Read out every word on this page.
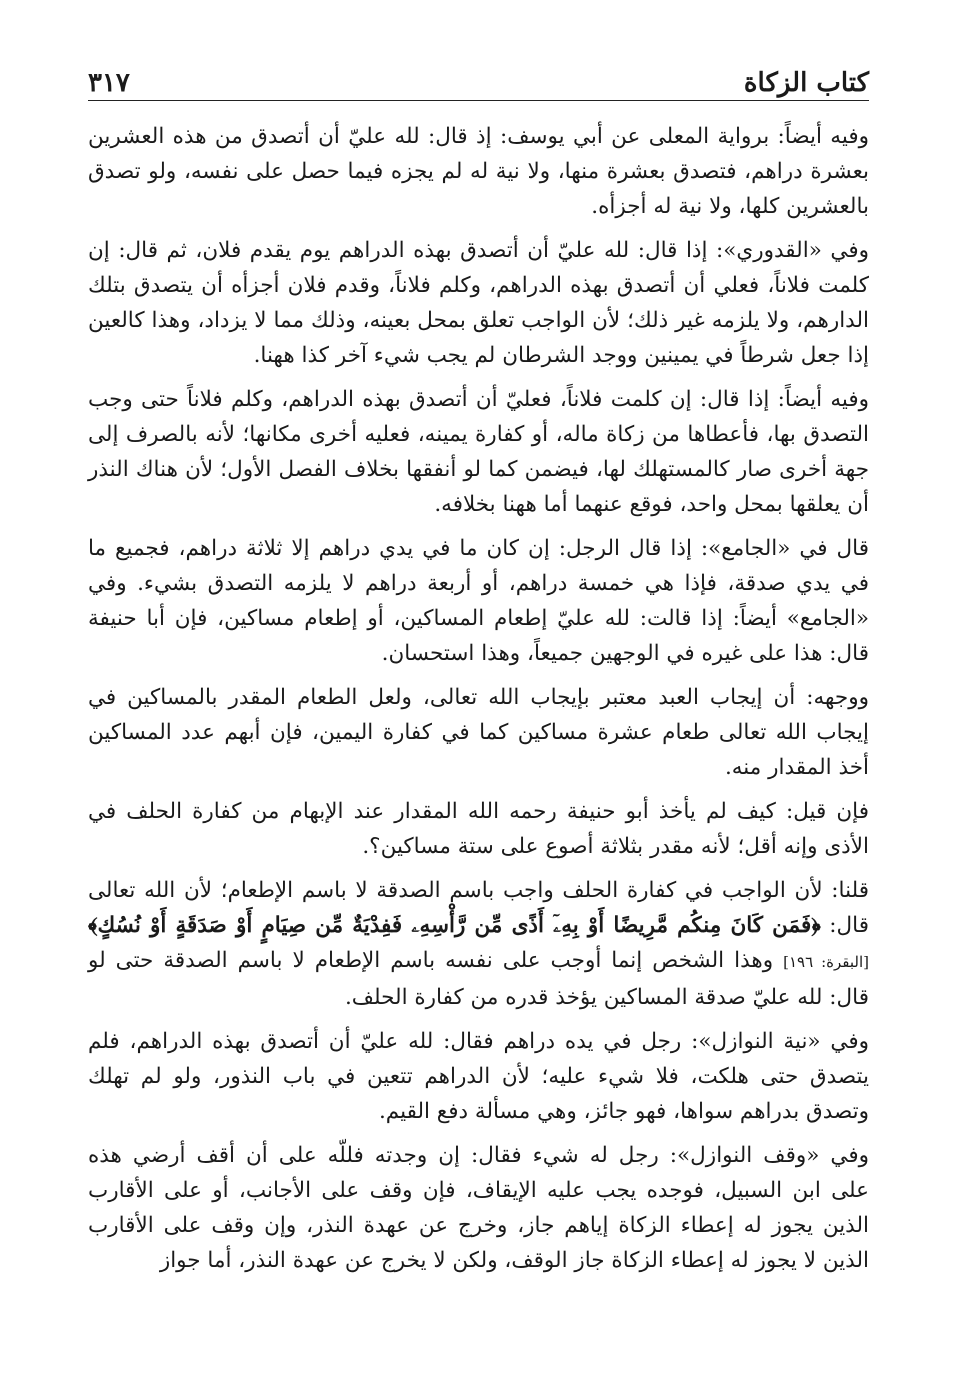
كتاب الزكاة
٣١٧

وفيه أيضاً: برواية المعلى عن أبي يوسف: إذ قال: لله عليّ أن أتصدق من هذه العشرين بعشرة دراهم، فتصدق بعشرة منها، ولا نية له لم يجزه فيما حصل على نفسه، ولو تصدق بالعشرين كلها، ولا نية له أجزأه.

وفي «القدوري»: إذا قال: لله عليّ أن أتصدق بهذه الدراهم يوم يقدم فلان، ثم قال: إن كلمت فلاناً، فعلي أن أتصدق بهذه الدراهم، وكلم فلاناً، وقدم فلان أجزأه أن يتصدق بتلك الدارهم، ولا يلزمه غير ذلك؛ لأن الواجب تعلق بمحل بعينه، وذلك مما لا يزداد، وهذا كالعين إذا جعل شرطاً في يمينين ووجد الشرطان لم يجب شيء آخر كذا ههنا.

وفيه أيضاً: إذا قال: إن كلمت فلاناً، فعليّ أن أتصدق بهذه الدراهم، وكلم فلاناً حتى وجب التصدق بها، فأعطاها من زكاة ماله، أو كفارة يمينه، فعليه أخرى مكانها؛ لأنه بالصرف إلى جهة أخرى صار كالمستهلك لها، فيضمن كما لو أنفقها بخلاف الفصل الأول؛ لأن هناك النذر أن يعلقها بمحل واحد، فوقع عنهما أما ههنا بخلافه.

قال في «الجامع»: إذا قال الرجل: إن كان ما في يدي دراهم إلا ثلاثة دراهم، فجميع ما في يدي صدقة، فإذا هي خمسة دراهم، أو أربعة دراهم لا يلزمه التصدق بشيء. وفي «الجامع» أيضاً: إذا قالت: لله عليّ إطعام المساكين، أو إطعام مساكين، فإن أبا حنيفة قال: هذا على غيره في الوجهين جميعاً، وهذا استحسان.

ووجهه: أن إيجاب العبد معتبر بإيجاب الله تعالى، ولعل الطعام المقدر بالمساكين في إيجاب الله تعالى طعام عشرة مساكين كما في كفارة اليمين، فإن أبهم عدد المساكين أخذ المقدار منه.

فإن قيل: كيف لم يأخذ أبو حنيفة رحمه الله المقدار عند الإبهام من كفارة الحلف في الأذى وإنه أقل؛ لأنه مقدر بثلاثة أصوع على ستة مساكين؟.

قلنا: لأن الواجب في كفارة الحلف واجب باسم الصدقة لا باسم الإطعام؛ لأن الله تعالى قال: ﴿فَمَن كَانَ مِنكُم مَّرِيضًا أَوْ بِهِۦٓ أَذًى مِّن رَّأْسِهِۦ فَفِدْيَةٌ مِّن صِيَامٍ أَوْ صَدَقَةٍ أَوْ نُسُكٍ﴾ [البقرة: ١٩٦] وهذا الشخص إنما أوجب على نفسه باسم الإطعام لا باسم الصدقة حتى لو قال: لله عليّ صدقة المساكين يؤخذ قدره من كفارة الحلف.

وفي «نية النوازل»: رجل في يده دراهم فقال: لله عليّ أن أتصدق بهذه الدراهم، فلم يتصدق حتى هلكت، فلا شيء عليه؛ لأن الدراهم تتعين في باب النذور، ولو لم تهلك وتصدق بدراهم سواها، فهو جائز، وهي مسألة دفع القيم.

وفي «وقف النوازل»: رجل له شيء فقال: إن وجدته فللّه على أن أقف أرضي هذه على ابن السبيل، فوجده يجب عليه الإيقاف، فإن وقف على الأجانب، أو على الأقارب الذين يجوز له إعطاء الزكاة إياهم جاز، وخرج عن عهدة النذر، وإن وقف على الأقارب الذين لا يجوز له إعطاء الزكاة جاز الوقف، ولكن لا يخرج عن عهدة النذر، أما جواز
